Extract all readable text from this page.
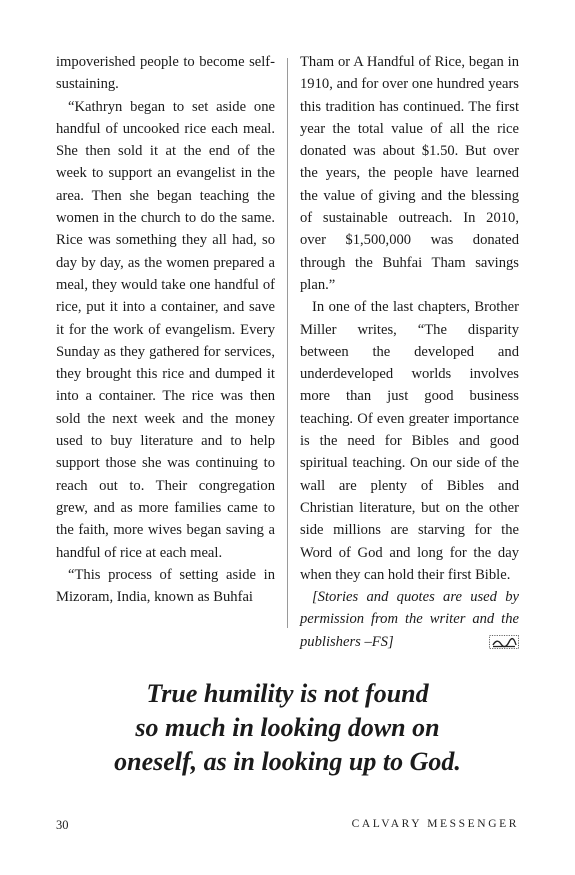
impoverished people to become self-sustaining.

“Kathryn began to set aside one handful of uncooked rice each meal. She then sold it at the end of the week to support an evangelist in the area. Then she began teaching the women in the church to do the same. Rice was something they all had, so day by day, as the women prepared a meal, they would take one handful of rice, put it into a container, and save it for the work of evangelism. Every Sunday as they gathered for services, they brought this rice and dumped it into a container. The rice was then sold the next week and the money used to buy literature and to help support those she was continuing to reach out to. Their congregation grew, and as more families came to the faith, more wives began saving a handful of rice at each meal.

“This process of setting aside in Mizoram, India, known as Buhfai

Tham or A Handful of Rice, began in 1910, and for over one hundred years this tradition has continued. The first year the total value of all the rice donated was about $1.50. But over the years, the people have learned the value of giving and the blessing of sustainable outreach. In 2010, over $1,500,000 was donated through the Buhfai Tham savings plan.”

In one of the last chapters, Brother Miller writes, “The disparity between the developed and underdeveloped worlds involves more than just good business teaching. Of even greater importance is the need for Bibles and good spiritual teaching. On our side of the wall are plenty of Bibles and Christian literature, but on the other side millions are starving for the Word of God and long for the day when they can hold their first Bible.

[Stories and quotes are used by permission from the writer and the publishers –FS]

True humility is not found
so much in looking down on
oneself, as in looking up to God.
30	CALVARY MESSENGER
